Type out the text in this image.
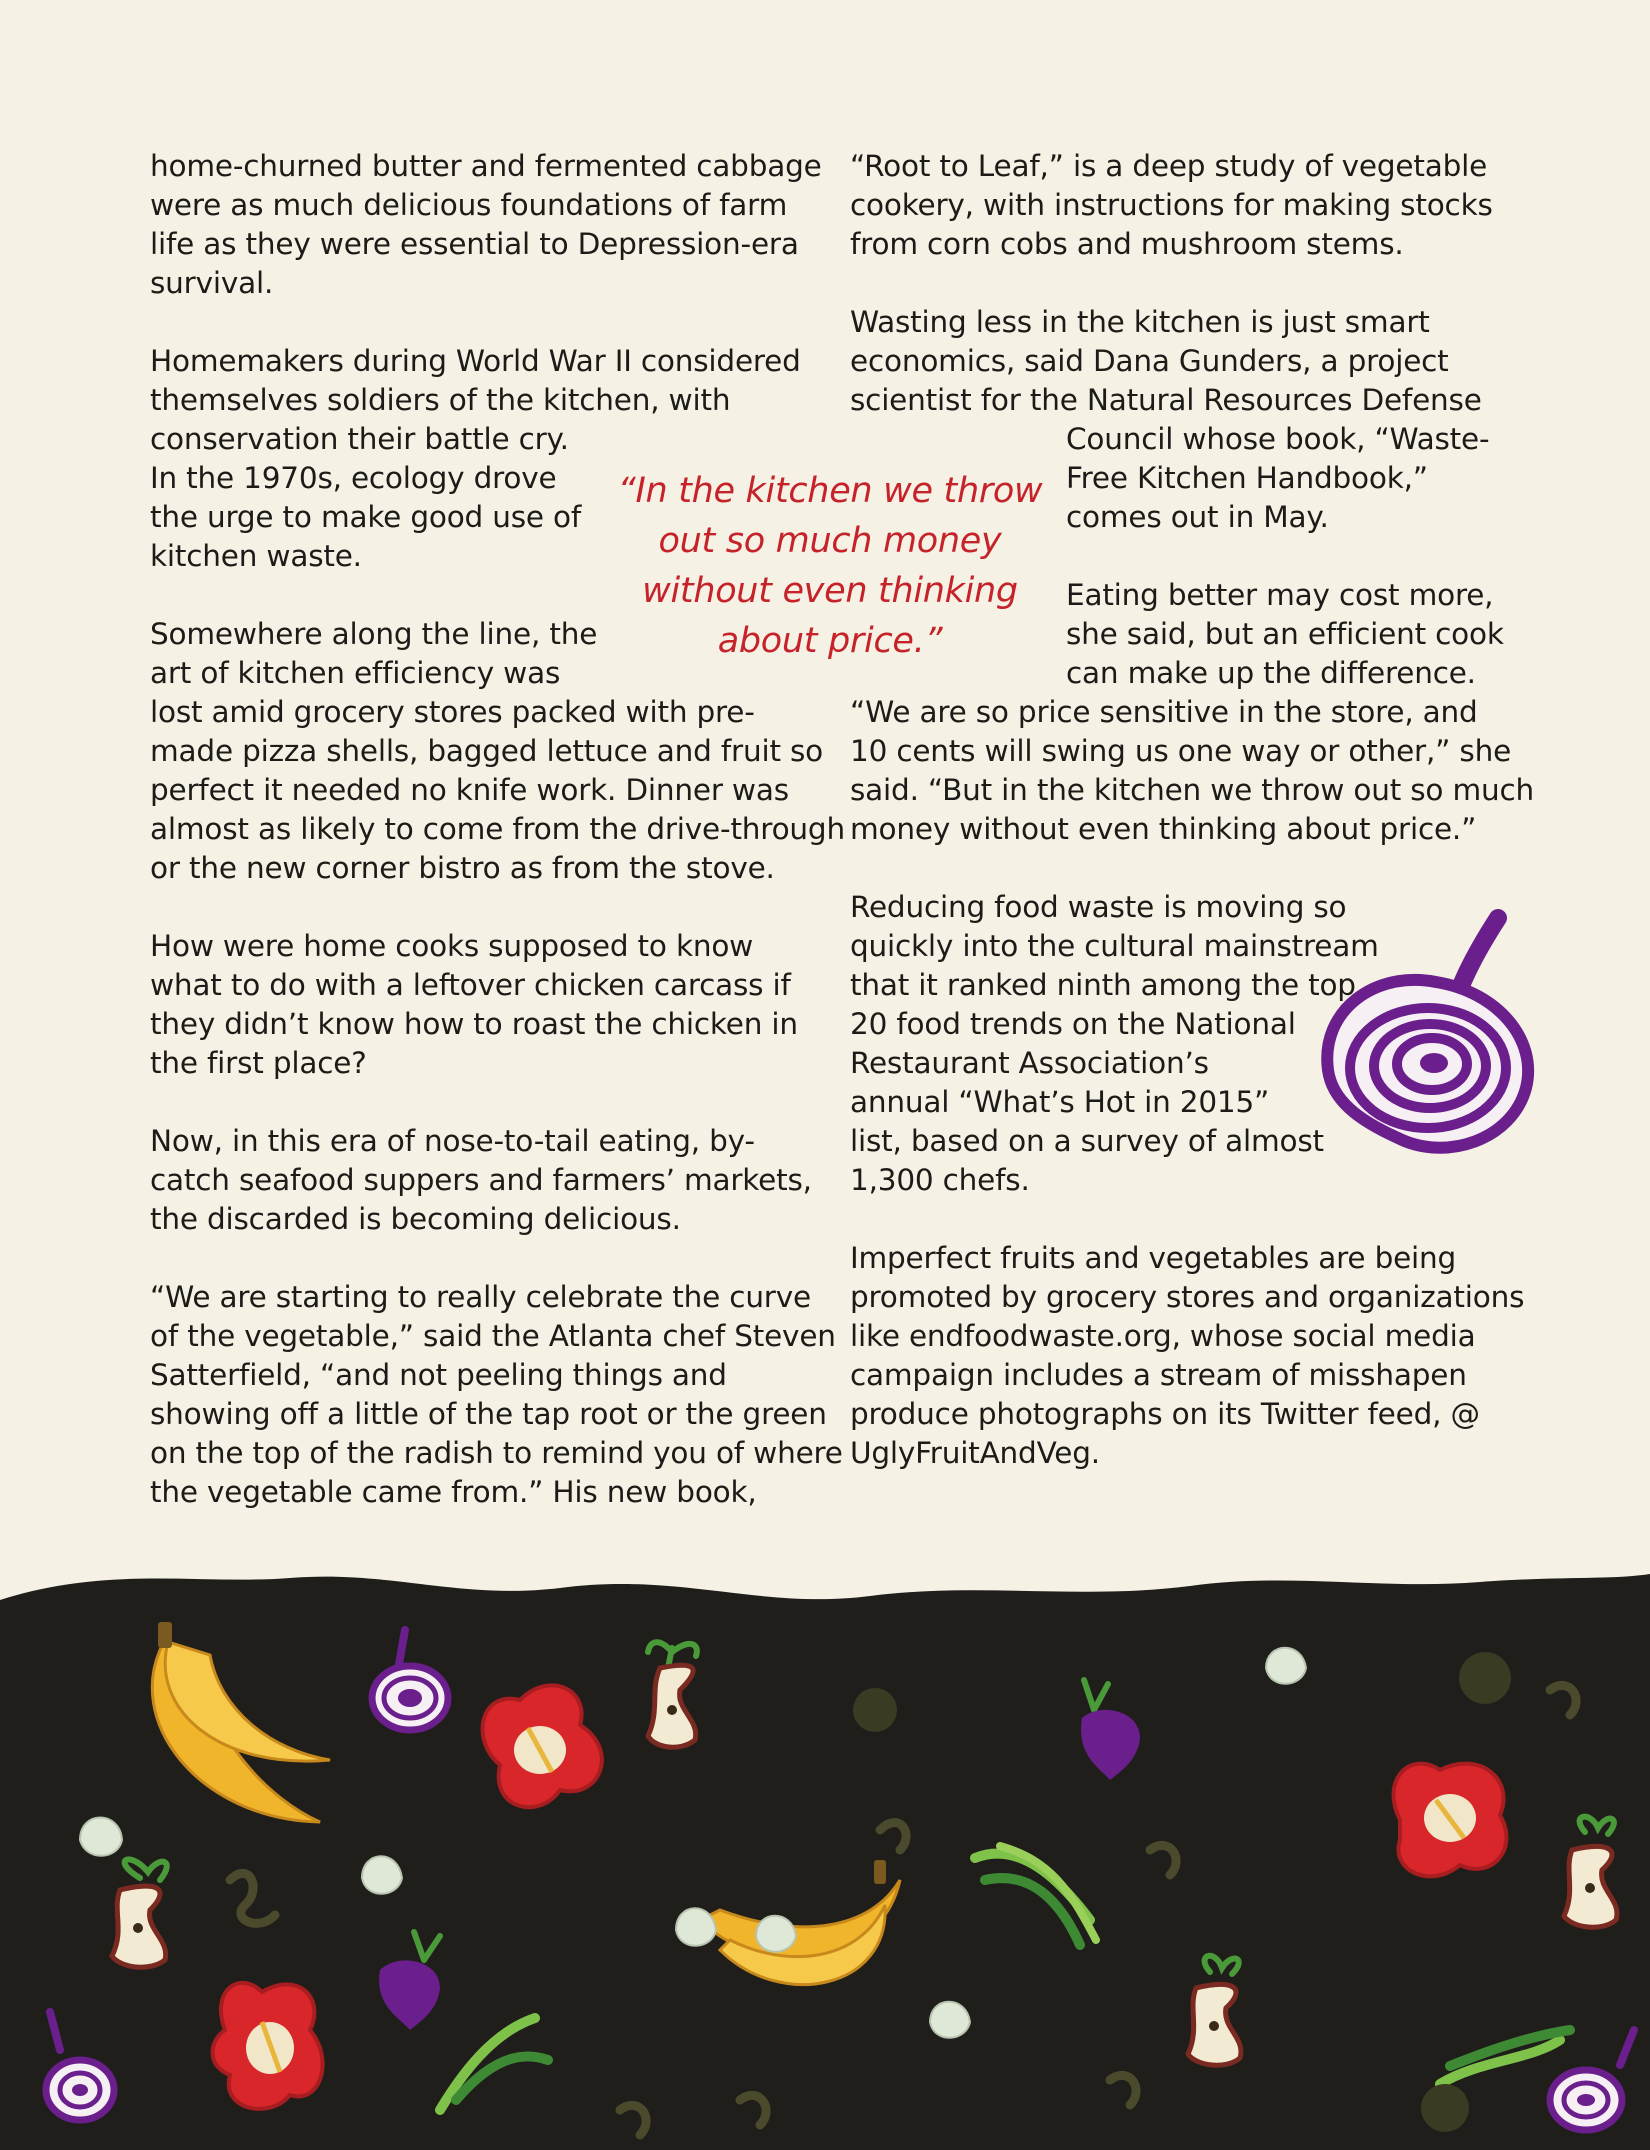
home-churned butter and fermented cabbage
were as much delicious foundations of farm
life as they were essential to Depression-era
survival.

Homemakers during World War II considered
themselves soldiers of the kitchen, with
conservation their battle cry.
In the 1970s, ecology drove
the urge to make good use of
kitchen waste.

Somewhere along the line, the
art of kitchen efficiency was
lost amid grocery stores packed with pre-
made pizza shells, bagged lettuce and fruit so
perfect it needed no knife work. Dinner was
almost as likely to come from the drive-through
or the new corner bistro as from the stove.

How were home cooks supposed to know
what to do with a leftover chicken carcass if
they didn’t know how to roast the chicken in
the first place?

Now, in this era of nose-to-tail eating, by-
catch seafood suppers and farmers’ markets,
the discarded is becoming delicious.

“We are starting to really celebrate the curve
of the vegetable,” said the Atlanta chef Steven
Satterfield, “and not peeling things and
showing off a little of the tap root or the green
on the top of the radish to remind you of where
the vegetable came from.” His new book,

“Root to Leaf,” is a deep study of vegetable
cookery, with instructions for making stocks
from corn cobs and mushroom stems.

Wasting less in the kitchen is just smart
economics, said Dana Gunders, a project
scientist for the Natural Resources Defense
Council whose book, “Waste-
Free Kitchen Handbook,”
comes out in May.

Eating better may cost more,
she said, but an efficient cook
can make up the difference.
“We are so price sensitive in the store, and
10 cents will swing us one way or other,” she
said. “But in the kitchen we throw out so much
money without even thinking about price.”

Reducing food waste is moving so
quickly into the cultural mainstream
that it ranked ninth among the top
20 food trends on the National
Restaurant Association’s
annual “What’s Hot in 2015”
list, based on a survey of almost
1,300 chefs.

Imperfect fruits and vegetables are being
promoted by grocery stores and organizations
like endfoodwaste.org, whose social media
campaign includes a stream of misshapen
produce photographs on its Twitter feed, @
UglyFruitAndVeg.

“In the kitchen we throw
out so much money
without even thinking
about price.”
